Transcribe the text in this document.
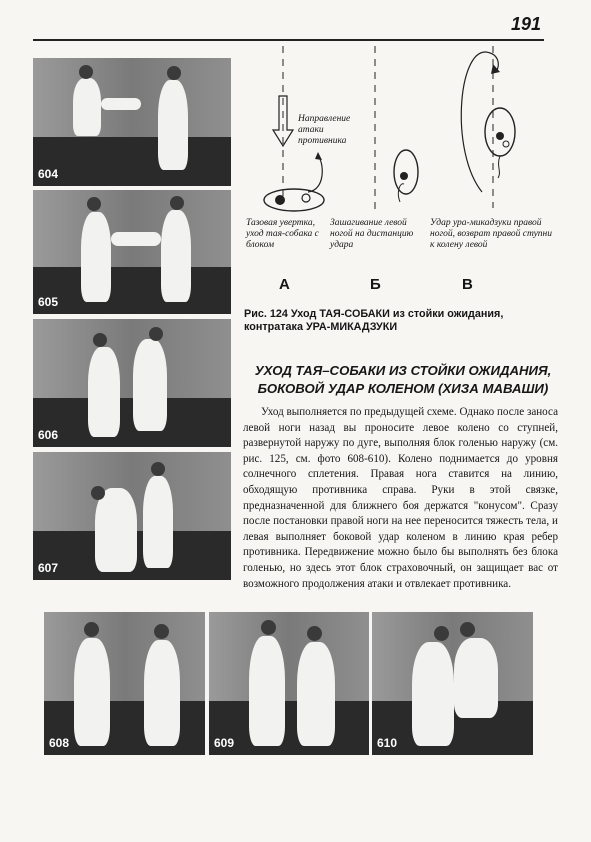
191
604
605
606
607
608	609	610
Направление атаки противника
Тазовая увертка, уход тая-собака с блоком
Зашагивание левой ногой на дистанцию удара
Удар ура-микадзуки правой ногой, возврат правой ступни к колену левой
А	Б	В
Рис. 124 Уход ТАЯ-СОБАКИ из стойки ожидания, контратака УРА-МИКАДЗУКИ
УХОД ТАЯ–СОБАКИ ИЗ СТОЙКИ ОЖИДАНИЯ,
БОКОВОЙ УДАР КОЛЕНОМ (ХИЗА МАВАШИ)
Уход выполняется по предыдущей схеме. Однако после заноса левой ноги назад вы проносите левое колено со ступней, развернутой наружу по дуге, выполняя блок голенью наружу (см. рис. 125, см. фото 608-610). Колено поднимается до уровня солнечного сплетения. Правая нога ставится на линию, обходящую противника справа. Руки в этой связке, предназначенной для ближнего боя держатся "конусом". Сразу после постановки правой ноги на нее переносится тяжесть тела, и левая выполняет боковой удар коленом в линию края ребер противника. Передвижение можно было бы выполнять без блока голенью, но здесь этот блок страховочный, он защищает вас от возможного продолжения атаки и отвлекает противника.
